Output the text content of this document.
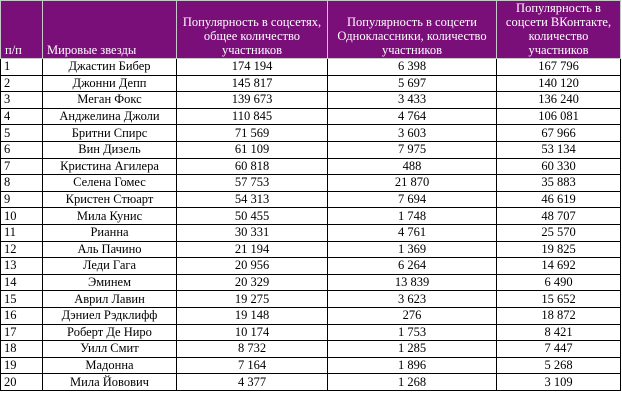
п/п	Мировые звезды	Популярность в соцсетях, общее количество участников	Популярность в соцсети Одноклассники, количество участников	Популярность в соцсети ВКонтакте, количество участников
1	Джастин Бибер	174 194	6 398	167 796
2	Джонни Депп	145 817	5 697	140 120
3	Меган Фокс	139 673	3 433	136 240
4	Анджелина Джоли	110 845	4 764	106 081
5	Бритни Спирс	71 569	3 603	67 966
6	Вин Дизель	61 109	7 975	53 134
7	Кристина Агилера	60 818	488	60 330
8	Селена Гомес	57 753	21 870	35 883
9	Кристен Стюарт	54 313	7 694	46 619
10	Мила Кунис	50 455	1 748	48 707
11	Рианна	30 331	4 761	25 570
12	Аль Пачино	21 194	1 369	19 825
13	Леди Гага	20 956	6 264	14 692
14	Эминем	20 329	13 839	6 490
15	Аврил Лавин	19 275	3 623	15 652
16	Дэниел Рэдклифф	19 148	276	18 872
17	Роберт Де Ниро	10 174	1 753	8 421
18	Уилл Смит	8 732	1 285	7 447
19	Мадонна	7 164	1 896	5 268
20	Мила Йовович	4 377	1 268	3 109
